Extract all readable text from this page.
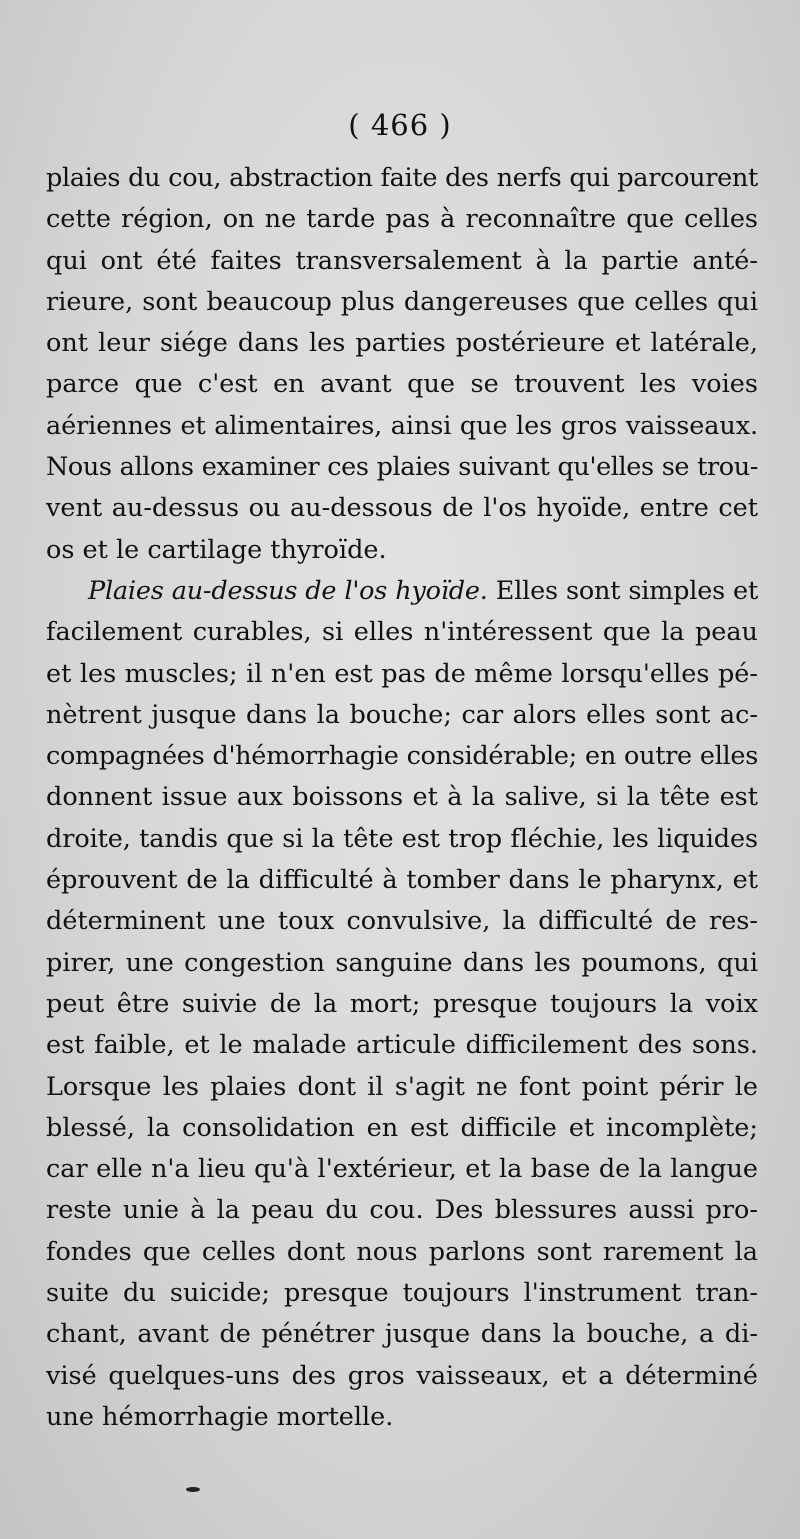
( 466 )
plaies du cou, abstraction faite des nerfs qui parcourent
cette région, on ne tarde pas à reconnaître que celles
qui ont été faites transversalement à la partie anté-
rieure, sont beaucoup plus dangereuses que celles qui
ont leur siége dans les parties postérieure et latérale,
parce que c'est en avant que se trouvent les voies
aériennes et alimentaires, ainsi que les gros vaisseaux.
Nous allons examiner ces plaies suivant qu'elles se trou-
vent au-dessus ou au-dessous de l'os hyoïde, entre cet
os et le cartilage thyroïde.
Plaies au-dessus de l'os hyoïde. Elles sont simples et
facilement curables, si elles n'intéressent que la peau
et les muscles; il n'en est pas de même lorsqu'elles pé-
nètrent jusque dans la bouche; car alors elles sont ac-
compagnées d'hémorrhagie considérable; en outre elles
donnent issue aux boissons et à la salive, si la tête est
droite, tandis que si la tête est trop fléchie, les liquides
éprouvent de la difficulté à tomber dans le pharynx, et
déterminent une toux convulsive, la difficulté de res-
pirer, une congestion sanguine dans les poumons, qui
peut être suivie de la mort; presque toujours la voix
est faible, et le malade articule difficilement des sons.
Lorsque les plaies dont il s'agit ne font point périr le
blessé, la consolidation en est difficile et incomplète;
car elle n'a lieu qu'à l'extérieur, et la base de la langue
reste unie à la peau du cou. Des blessures aussi pro-
fondes que celles dont nous parlons sont rarement la
suite du suicide; presque toujours l'instrument tran-
chant, avant de pénétrer jusque dans la bouche, a di-
visé quelques-uns des gros vaisseaux, et a déterminé
une hémorrhagie mortelle.
